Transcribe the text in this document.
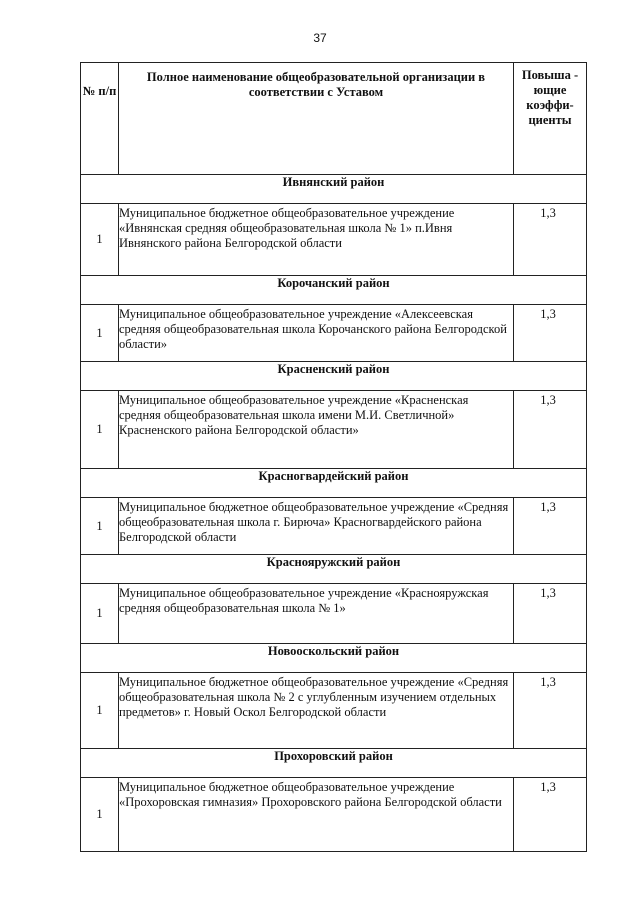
37
№ п/п	Полное наименование общеобразовательной организации в соответствии с Уставом	Повыша - ющие коэффи-циенты
Ивнянский район		
1	Муниципальное бюджетное общеобразовательное учреждение «Ивнянская средняя общеобразовательная школа № 1» п.Ивня Ивнянского района Белгородской области	1,3
Корочанский район		
1	Муниципальное общеобразовательное учреждение «Алексеевская средняя общеобразовательная школа Корочанского района Белгородской области»	1,3
Красненский район		
1	Муниципальное общеобразовательное учреждение «Красненская средняя общеобразовательная школа имени М.И. Светличной» Красненского района Белгородской области»	1,3
Красногвардейский район		
1	Муниципальное бюджетное общеобразовательное учреждение «Средняя общеобразовательная школа г. Бирюча» Красногвардейского района Белгородской области	1,3
Краснояружский район		
1	Муниципальное общеобразовательное учреждение «Краснояружская средняя общеобразовательная школа № 1»	1,3
Новооскольский район		
1	Муниципальное бюджетное общеобразовательное учреждение «Средняя общеобразовательная школа № 2 с углубленным изучением отдельных предметов» г. Новый Оскол Белгородской области	1,3
Прохоровский район		
1	Муниципальное бюджетное общеобразовательное учреждение «Прохоровская гимназия» Прохоровского района Белгородской области	1,3
